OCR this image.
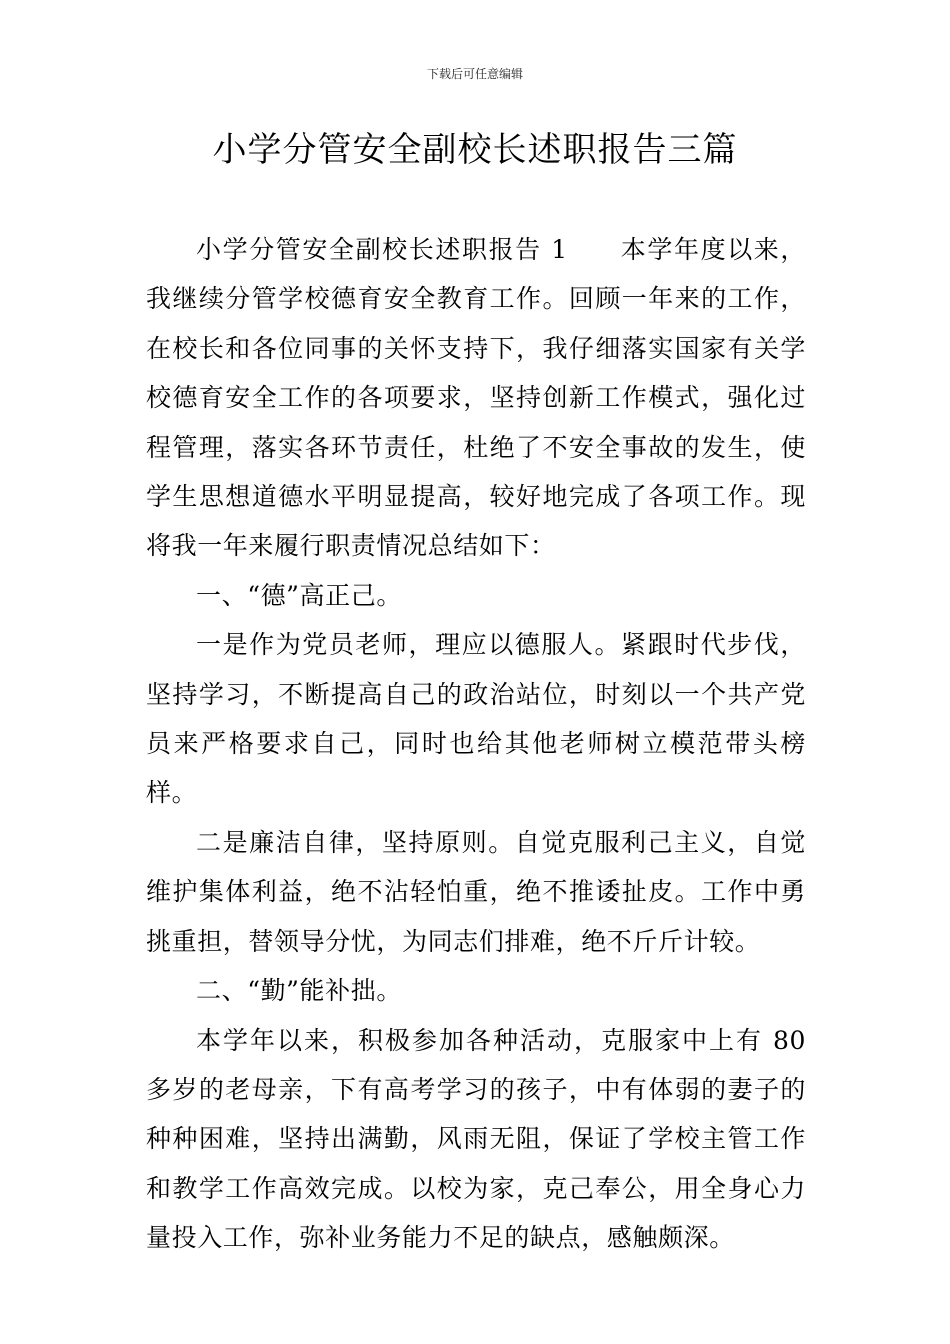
下载后可任意编辑
小学分管安全副校长述职报告三篇

小学分管安全副校长述职报告 1 本学年度以来，我继续分管学校德育安全教育工作。回顾一年来的工作，在校长和各位同事的关怀支持下，我仔细落实国家有关学校德育安全工作的各项要求，坚持创新工作模式，强化过程管理，落实各环节责任，杜绝了不安全事故的发生，使学生思想道德水平明显提高，较好地完成了各项工作。现将我一年来履行职责情况总结如下：

一、“德”高正己。

一是作为党员老师，理应以德服人。紧跟时代步伐，坚持学习，不断提高自己的政治站位，时刻以一个共产党员来严格要求自己，同时也给其他老师树立模范带头榜样。

二是廉洁自律，坚持原则。自觉克服利己主义，自觉维护集体利益，绝不沾轻怕重，绝不推诿扯皮。工作中勇挑重担，替领导分忧，为同志们排难，绝不斤斤计较。

二、“勤”能补拙。

本学年以来，积极参加各种活动，克服家中上有 80 多岁的老母亲，下有高考学习的孩子，中有体弱的妻子的种种困难，坚持出满勤，风雨无阻，保证了学校主管工作和教学工作高效完成。以校为家，克己奉公，用全身心力量投入工作，弥补业务能力不足的缺点，感触颇深。
